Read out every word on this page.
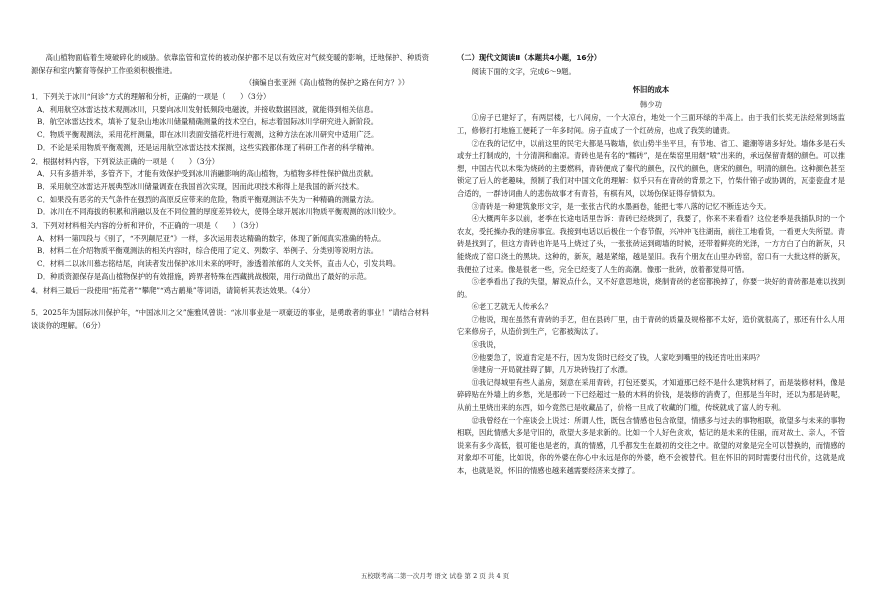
高山植物面临着生境破碎化的威胁。依靠监管和宣传的被动保护都不足以有效应对气候变暖的影响，迁地保护、种质资源保存和室内繁育等保护工作亟须积极推进。

（摘编自张亚洲《高山植物的保护之路在何方？》）

1．下列关于冰川“问诊”方式的理解和分析，正确的一项是（　　）（3分）

A．利用航空冰雷达技术观测冰川，只要向冰川发射低频段电磁波，并接收数据回波，就能得到相关信息。

B．航空冰雷达技术，填补了复杂山地冰川储量精确测量的技术空白，标志着国际冰川学研究进入新阶段。

C．物质平衡观测法，采用花杆测量，即在冰川表面安插花杆进行观测，这种方法在冰川研究中适用广泛。

D．不论是采用物质平衡观测，还是运用航空冰雷达技术探测，这些实践都体现了科研工作者的科学精神。

2．根据材料内容，下列说法正确的一项是（　　）（3分）

A．只有多措并举，多管齐下，才能有效保护受到冰川消融影响的高山植物，为植物多样性保护做出贡献。

B．采用航空冰雷达开展典型冰川储量调查在我国首次实现，因而此项技术称得上是我国的新兴技术。

C．如果没有恶劣的天气条件在强烈的高原反应带来的危险，物质平衡观测法不失为一种精确的测量方法。

D．冰川在不同海拔的积累和消融以及在不同位置的厚度差异较大，使得全球开展冰川物质平衡观测的冰川较少。

3．下列对材料相关内容的分析和评价，不正确的一项是（　　）（3分）

A．材料一第四段与《别了，“不列颠尼亚”》一样，多次运用表达精确的数字，体现了新闻真实准确的特点。

B．材料二在介绍物质平衡观测法的相关内容时，综合使用了定义、列数字、举例子、分类别等说明方法。

C．材料二以冰川慕志铭结尾，向读者发出保护冰川未来的呼吁，渗透着浓郁的人文关怀，直击人心，引发共鸣。

D．种质资源保存是高山植物保护的有效措施，跨界者特殊在西藏挑战极限，用行动做出了最好的示范。

4．材料三最后一段使用“拓荒者”“攀爬”“鸡古鸸巢”等词语，请简析其表达效果。（4分）

5．2025年为国际冰川保护年，“中国冰川之父”施雅风曾说：“冰川事业是一项豪迈的事业，是勇敢者的事业！”请结合材料谈谈你的理解。（6分）

（二）现代文阅读Ⅱ（本题共4小题，16分）

阅读下面的文字，完成6～9题。

怀旧的成本

韩少功

①房子已建好了，有两层楼，七八间房，一个大凉台，地处一个三面环绿的半高上。由于我们长奖无法经常到场监工，修修打打地施工便耗了一年多时间。房子直成了一个红砖房，也成了我笑的谴责。

②在我的记忆中，以前这里的民宅大都是马鞍墙，依山势半坐平旦，有节地、省工、避潮等诸多好处。墙体多是石头或夯土打制成的，十分清润和幽凉。青砖也是有名的“糯砖”，是在柴窑里用烟“喷”出来的，承远保留青烟的颜色。可以推想，中国古代以木柴为烧砖的主要燃料，青砖便成了秦代的颜色，汉代的颜色，唐宋的颜色，明清的颜色。这种颜色甚至锁定了后人的老趣味，预制了我们对中国文化的理解：似乎只有在青砖的背景之下，竹柴什锦子或协调的，瓦壶瓷盘才是合适的，一群诗词曲人的悲伤故事才有青苔，有棋有风，以场伤保证得存情似为。

③青砖是一种建筑象形文字，是一张张古代的水墨画卷，能把七零八落的记忆不断连达今天。

④大概两年多以前，老季在长途电话里告诉：青砖已经烧到了，我要了，你来不来看看？这位老季是我插队时的一个农友，受托操办我的建房事宜。我接到电话以后极住一个春节假，兴冲冲飞往湖南，前往工地看货，一看更大失所望。青砖是找到了，但这方青砖也许是马上烧过了头，一张张砖运到砌墙的时候，还带着鲜亮的光泽，一方方白了白的新灰，只能烧成了窑口浇土的黑块。这种的，新灰，越是紧缩，越是显旧。我有个朋友在山里办砖窑，窑口有一大批这样的新灰，我便拉了过来。像是很老一些，完全已经变了人生的高潮。像那一批砖，放着都觉得可惜。

⑤老季看出了我的失望，解说点什么，又不好意思地说，烧制青砖的老窑都换掉了，你要一块好的青砖都是难以找到的。

⑥老工艺就无人传承么？

⑦他说，现在虽然有青砖的手艺，但在县砖厂里，由于青砖的质量及规格都不太好，造价就很高了，那还有什么人用它来修房子，从造价到生产，它都被淘汰了。

⑧我说，

⑨他要急了，说道肯定是不行，因为发货时已经交了钱，人家吃到嘴里的钱还肯吐出来吗？

⑩建房一开局就挂碍了脚，几万块砖钱打了水漂。

⑪我记得城里有些人盖房，刻意在采用青砖，打包还要买，才知道那已经不是什么建筑材料了，而是装修材料，像是碎碎贴在外墙上的乡愁，光是那砖一下已经超过一般的木料的价钱，是装修的消费了，但那是当年时，还以为那是砖呢，从前土里烧出来的东西，如今竟然已是收藏品了，价格一旦成了收藏的门槛，传统就成了富人的专利。

⑫我曾经在一个座谈会上说过：所谓人性，既包含情感也包含欲望，情感多与过去的事物相联，欲望多与未来的事物相联，因此情感大多是守旧的，欲望大多是求新的。比如一个人好色贪欢，惦记的是未来的佳丽，而对故土、亲人，不管说来有多少高低，很可能也是老的，真的情感，几乎都发生在最初的交往之中。欲望的对象是完全可以替换的，而情感的对象却不可能，比如说，你的外婆在你心中永远是你的外婆，绝不会被替代。但在怀旧的同时需要付出代价，这就是成本，也就是说，怀旧的情感也越来越需要经济来支撑了。

五校联考高二第一次月考 语文 试卷 第 2 页 共 4 页
